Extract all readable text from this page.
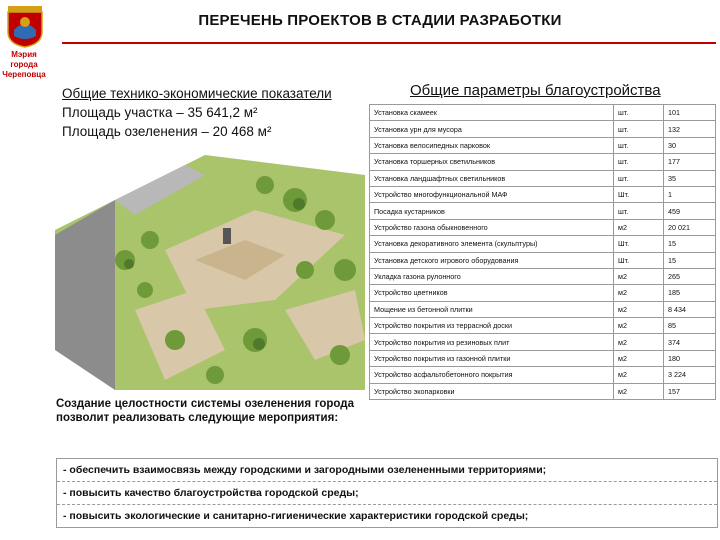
Мэрия города Череповца
ПЕРЕЧЕНЬ ПРОЕКТОВ В СТАДИИ РАЗРАБОТКИ
Общие технико-экономические показатели
Площадь участка – 35 641,2 м²
Площадь озеленения – 20 468 м²
Общие параметры благоустройства
Установка скамеек	шт.	101
Установка урн для мусора	шт.	132
Установка велосипедных парковок	шт.	30
Установка торшерных светильников	шт.	177
Установка ландшафтных светильников	шт.	35
Устройство многофункциональной МАФ	Шт.	1
Посадка кустарников	шт.	459
Устройство газона обыкновенного	м2	20 021
Установка декоративного элемента (скульптуры)	Шт.	15
Установка детского игрового оборудования	Шт.	15
Укладка газона рулонного	м2	265
Устройство цветников	м2	185
Мощение из бетонной плитки	м2	8 434
Устройство покрытия из террасной доски	м2	85
Устройство покрытия из резиновых плит	м2	374
Устройство покрытия из газонной плитки	м2	180
Устройство асфальтобетонного покрытия	м2	3 224
Устройство экопарковки	м2	157
Создание целостности системы озеленения города позволит реализовать следующие мероприятия:
- обеспечить взаимосвязь между городскими и загородными озелененными территориями;
- повысить качество благоустройства городской среды;
- повысить экологические и санитарно-гигиенические характеристики городской среды;
